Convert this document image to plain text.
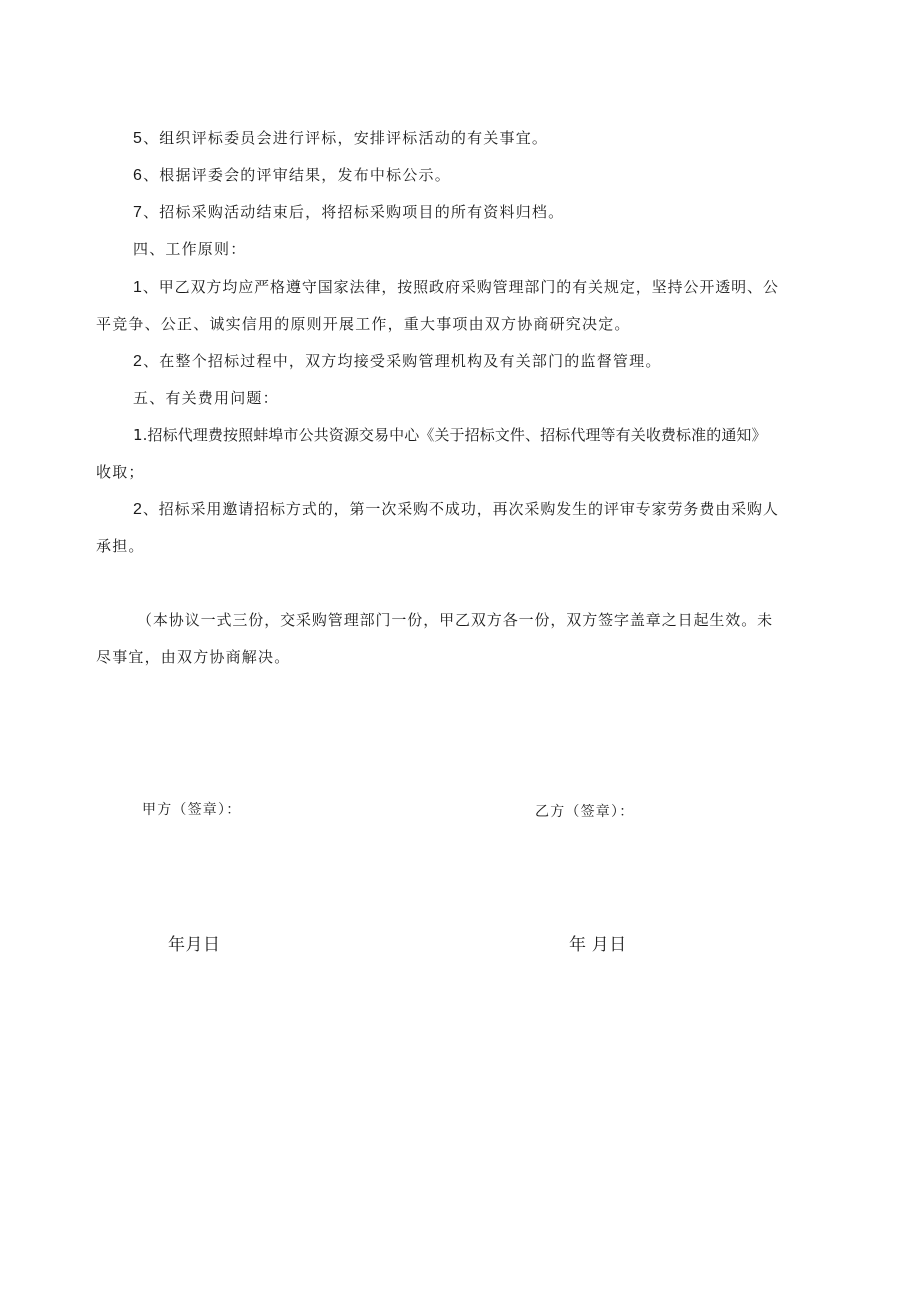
5、组织评标委员会进行评标，安排评标活动的有关事宜。
6、根据评委会的评审结果，发布中标公示。
7、招标采购活动结束后，将招标采购项目的所有资料归档。
四、工作原则：
1、甲乙双方均应严格遵守国家法律，按照政府采购管理部门的有关规定，坚持公开透明、公
平竞争、公正、诚实信用的原则开展工作，重大事项由双方协商研究决定。
2、在整个招标过程中，双方均接受采购管理机构及有关部门的监督管理。
五、有关费用问题：
1.招标代理费按照蚌埠市公共资源交易中心《关于招标文件、招标代理等有关收费标准的通知》
收取；
2、招标采用邀请招标方式的，第一次采购不成功，再次采购发生的评审专家劳务费由采购人
承担。
（本协议一式三份，交采购管理部门一份，甲乙双方各一份，双方签字盖章之日起生效。未
尽事宜，由双方协商解决。
甲方（签章）：	乙方（签章）：
年月日	年 月日
